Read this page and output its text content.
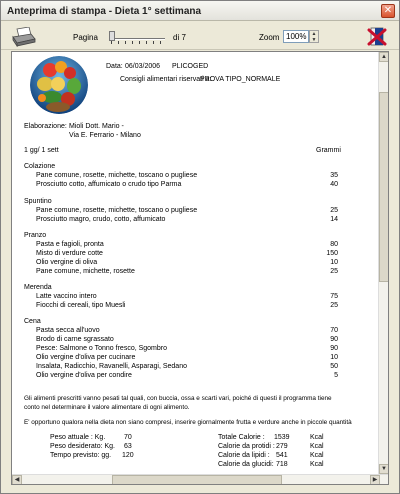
Anteprima di stampa - Dieta 1° settimana	✕
Pagina	di 7	Zoom 100%	▲
▼
Data: 06/03/2006 PLICOGED
Consigli alimentari riservati a:
PROVA TIPO_NORMALE
Elaborazione: Mioli Dott. Mario -
Via E. Ferrario - Milano
1 gg/ 1 sett	Grammi
Colazione
Pane comune, rosette, michette, toscano o pugliese	35
Prosciutto cotto, affumicato o crudo tipo Parma	40
Spuntino
Pane comune, rosette, michette, toscano o pugliese	25
Prosciutto magro, crudo, cotto, affumicato	14
Pranzo
Pasta e fagioli, pronta	80
Misto di verdure cotte	150
Olio vergine di oliva	10
Pane comune, michette, rosette	25
Merenda
Latte vaccino intero	75
Fiocchi di cereali, tipo Muesli	25
Cena
Pasta secca all'uovo	70
Brodo di carne sgrassato	90
Pesce: Salmone o Tonno fresco, Sgombro	90
Olio vergine d'oliva per cucinare	10
Insalata, Radicchio, Ravanelli, Asparagi, Sedano	50
Olio vergine d'oliva per condire	5
Gli alimenti prescritti vanno pesati tal quali, con buccia, ossa e scarti vari, poiché di questi il programma tiene
conto nel determinare il valore alimentare di ogni alimento.
E' opportuno qualora nella dieta non siano compresi, inserire giornalmente frutta e verdure anche in piccole quantità
Peso attuale : Kg.	70
Peso desiderato: Kg. 63
Tempo previsto: gg. 120
Totale Calorie : 1539	Kcal
Calorie da protidi : 279	Kcal
Calorie da lipidi : 541	Kcal
Calorie da glucidi: 718	Kcal
▲
▼
◀	▶
